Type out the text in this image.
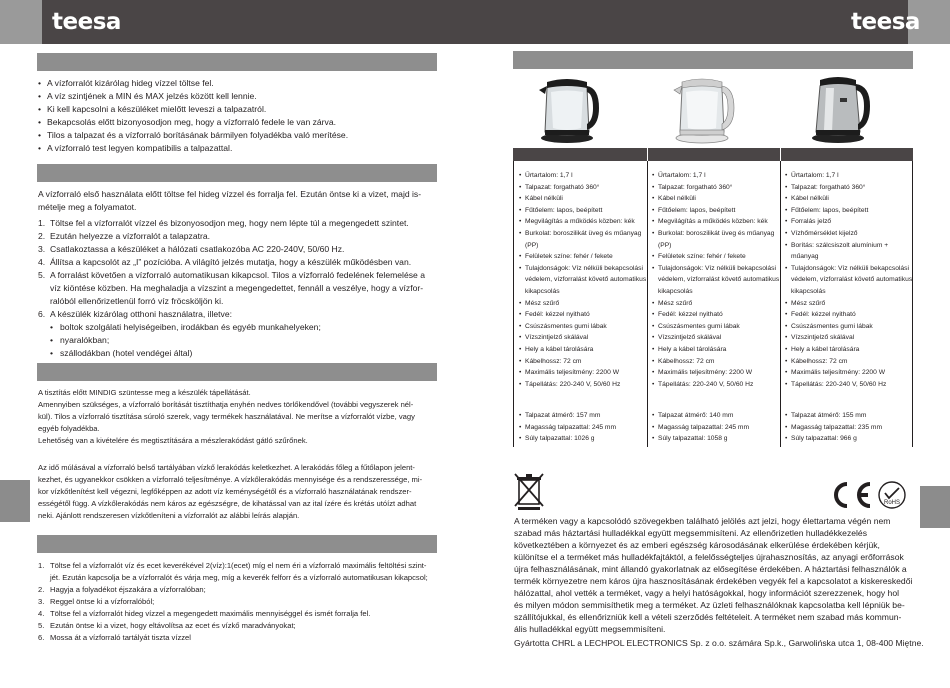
teesa	teesa
• A vízforralót kizárólag hideg vízzel töltse fel.
• A víz szintjének a MIN és MAX jelzés között kell lennie.
• Ki kell kapcsolni a készüléket mielőtt leveszi a talpazatról.
• Bekapcsolás előtt bizonyosodjon meg, hogy a vízforraló fedele le van zárva.
• Tilos a talpazat és a vízforraló borításának bármilyen folyadékba való merítése.
• A vízforraló test legyen kompatibilis a talpazattal.
A vízforraló első használata előtt töltse fel hideg vízzel és forralja fel. Ezután öntse ki a vizet, majd is-
mételje meg a folyamatot.
1. Töltse fel a vízforralót vízzel és bizonyosodjon meg, hogy nem lépte túl a megengedett szintet.
2. Ezután helyezze a vízforralót a talapzatra.
3. Csatlakoztassa a készüléket a hálózati csatlakozóba AC 220-240V, 50/60 Hz.
4. Állítsa a kapcsolót az „I” pozícióba. A világító jelzés mutatja, hogy a készülék működésben van.
5. A forralást követően a vízforraló automatikusan kikapcsol. Tilos a vízforraló fedelének felemelése a
víz kiöntése közben. Ha meghaladja a vízszint a megengedettet, fennáll a veszélye, hogy a vízfor-
ralóból ellenőrizetlenül forró víz fröcsköljön ki.
6. A készülék kizárólag otthoni használatra, illetve:
• boltok szolgálati helyiségeiben, irodákban és egyéb munkahelyeken;
• nyaralókban;
• szállodákban (hotel vendégei által)
A tisztítás előtt MINDIG szüntesse meg a készülék tápellátását.
Amennyiben szükséges, a vízforraló borítását tisztíthatja enyhén nedves törlőkendővel (további vegyszerek nél-
kül). Tilos a vízforraló tisztítása súroló szerek, vagy termékek használatával. Ne merítse a vízforralót vízbe, vagy
egyéb folyadékba.
Lehetőség van a kivételére és megtisztítására a mészlerakódást gátló szűrőnek.
Az idő múlásával a vízforraló belső tartályában vízkő lerakódás keletkezhet. A lerakódás főleg a fűtőlapon jelent-
kezhet, és ugyanekkor csökken a vízforraló teljesítménye. A vízkőlerakódás mennyisége és a rendszeressége, mi-
kor vízkőtlenítést kell végezni, legfőképpen az adott víz keménységétől és a vízforraló használatának rendszer-
ességétől függ. A vízkőlerakódás nem káros az egészségre, de kihatással van az ital ízére és krétás utóízt adhat
neki. Ajánlott rendszeresen vízkőtleníteni a vízforralót az alábbi leírás alapján.
1. Töltse fel a vízforralót víz és ecet keverékével 2(víz):1(ecet) míg el nem éri a vízforraló maximális feltöltési szint-
jét. Ezután kapcsolja be a vízforralót és várja meg, míg a keverék felforr és a vízforraló automatikusan kikapcsol;
2. Hagyja a folyadékot éjszakára a vízforralóban;
3. Reggel öntse ki a vízforralóból;
4. Töltse fel a vízforralót hideg vízzel a megengedett maximális mennyiséggel és ismét forralja fel.
5. Ezután öntse ki a vizet, hogy eltávolítsa az ecet és vízkő maradványokat;
6. Mossa át a vízforraló tartályát tiszta vízzel
• Űrtartalom: 1,7 l
• Talpazat: forgatható 360°
• Kábel nélküli
• Fűtőelem: lapos, beépített
• Megvilágítás a működés közben: kék
• Burkolat: boroszilikát üveg és műanyag
(PP)
• Felületek színe: fehér / fekete
• Tulajdonságok: Víz nélküli bekapcsolási
védelem, vízforralást követő automatikus
kikapcsolás
• Mész szűrő
• Fedél: kézzel nyitható
• Csúszásmentes gumi lábak
• Vízszintjelző skálával
• Hely a kábel tárolására
• Kábelhossz: 72 cm
• Maximális teljesítmény: 2200 W
• Tápellátás: 220-240 V, 50/60 Hz
• Talpazat átmérő: 157 mm
• Magasság talpazattal: 245 mm
• Súly talpazattal: 1026 g
• Űrtartalom: 1,7 l
• Talpazat: forgatható 360°
• Kábel nélküli
• Fűtőelem: lapos, beépített
• Megvilágítás a működés közben: kék
• Burkolat: boroszilikát üveg és műanyag
(PP)
• Felületek színe: fehér / fekete
• Tulajdonságok: Víz nélküli bekapcsolási
védelem, vízforralást követő automatikus
kikapcsolás
• Mész szűrő
• Fedél: kézzel nyitható
• Csúszásmentes gumi lábak
• Vízszintjelző skálával
• Hely a kábel tárolására
• Kábelhossz: 72 cm
• Maximális teljesítmény: 2200 W
• Tápellátás: 220-240 V, 50/60 Hz
• Talpazat átmérő: 140 mm
• Magasság talpazattal: 245 mm
• Súly talpazattal: 1058 g
• Űrtartalom: 1,7 l
• Talpazat: forgatható 360°
• Kábel nélküli
• Fűtőelem: lapos, beépített
• Forralás jelző
• Vízhőmérséklet kijelző
• Borítás: szálcsiszolt alumínium +
műanyag
• Tulajdonságok: Víz nélküli bekapcsolási
védelem, vízforralást követő automatikus
kikapcsolás
• Mész szűrő
• Fedél: kézzel nyitható
• Csúszásmentes gumi lábak
• Vízszintjelző skálával
• Hely a kábel tárolására
• Kábelhossz: 72 cm
• Maximális teljesítmény: 2200 W
• Tápellátás: 220-240 V, 50/60 Hz
• Talpazat átmérő: 155 mm
• Magasság talpazattal: 235 mm
• Súly talpazattal: 966 g
RoHS
A terméken vagy a kapcsolódó szövegekben található jelölés azt jelzi, hogy élettartama végén nem
szabad más háztartási hulladékkal együtt megsemmisíteni. Az ellenőrizetlen hulladékkezelés
következtében a környezet és az emberi egészség károsodásának elkerülése érdekében kérjük,
különítse el a terméket más hulladékfajtáktól, a felelősségteljes újrahasznosítás, az anyagi erőforrások
újra felhasználásának, mint állandó gyakorlatnak az elősegítése érdekében. A háztartási felhasználók a
termék környezetre nem káros újra hasznosításának érdekében vegyék fel a kapcsolatot a kiskereskedői
hálózattal, ahol vették a terméket, vagy a helyi hatóságokkal, hogy információt szerezzenek, hogy hol
és milyen módon semmisíthetik meg a terméket. Az üzleti felhasználóknak kapcsolatba kell lépniük be-
szállítójukkal, és ellenőrizniük kell a vételi szerződés feltételeit. A terméket nem szabad más kommun-
ális hulladékkal együtt megsemmisíteni.
Gyártotta CHRL a LECHPOL ELECTRONICS Sp. z o.o. számára Sp.k., Garwolińska utca 1, 08-400 Miętne.
